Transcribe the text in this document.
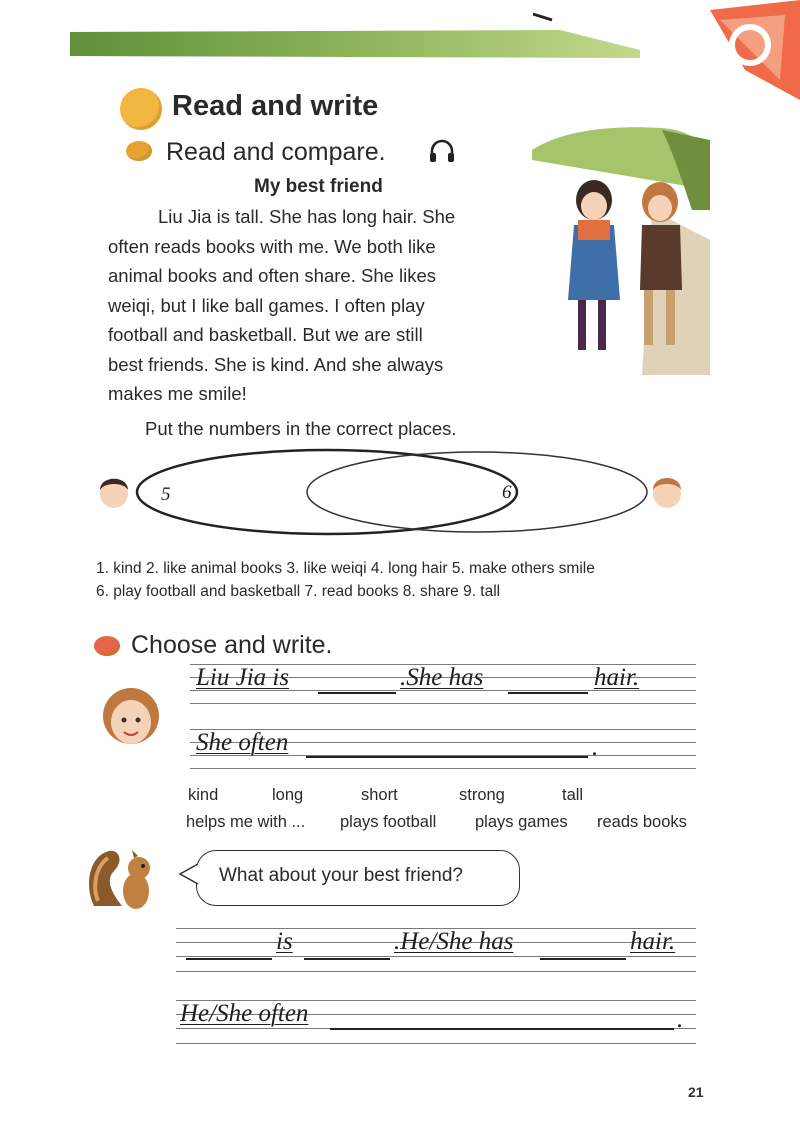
Read and write
Read and compare.
My best friend
Liu Jia is tall. She has long hair. She
often reads books with me. We both like
animal books and often share. She likes
weiqi, but I like ball games. I often play
football and basketball. But we are still
best friends. She is kind. And she always
makes me smile!
Put the numbers in the correct places.
5	6
1. kind 2. like animal books 3. like weiqi 4. long hair 5. make others smile
6. play football and basketball 7. read books 8. share 9. tall
Choose and write.
Liu Jia is	.She has	hair.
She often	.
kind	long	short	strong	tall
helps me with ... plays football plays games reads books
What about your best friend?
is	.He/She has	hair.
He/She often	.
21
